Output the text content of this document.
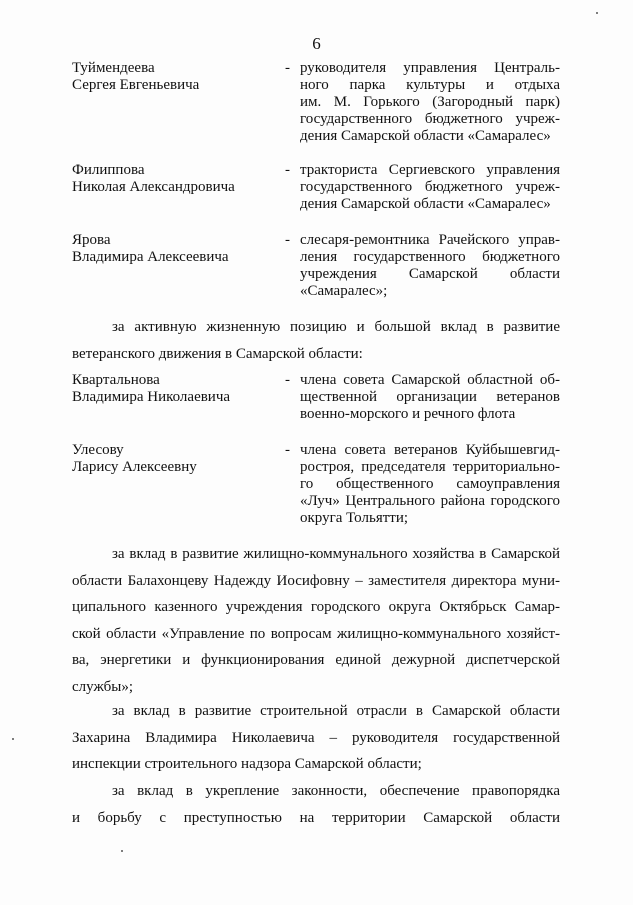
6
Туймендеева
Сергея Евгеньевича
- руководителя управления Централь-
ного парка культуры и отдыха
им. М. Горького (Загородный парк)
государственного бюджетного учреж-
дения Самарской области «Самаралес»
Филиппова
Николая Александровича
- тракториста Сергиевского управления
государственного бюджетного учреж-
дения Самарской области «Самаралес»
Ярова
Владимира Алексеевича
- слесаря-ремонтника Рачейского управ-
ления государственного бюджетного
учреждения Самарской области
«Самаралес»;
за активную жизненную позицию и большой вклад в развитие
ветеранского движения в Самарской области:
Квартальнова
Владимира Николаевича
- члена совета Самарской областной об-
щественной организации ветеранов
военно-морского и речного флота
Улесову
Ларису Алексеевну
- члена совета ветеранов Куйбышевгид-
ростроя, председателя территориально-
го общественного самоуправления
«Луч» Центрального района городского
округа Тольятти;
за вклад в развитие жилищно-коммунального хозяйства в Самарской
области Балахонцеву Надежду Иосифовну – заместителя директора муни-
ципального казенного учреждения городского округа Октябрьск Самар-
ской области «Управление по вопросам жилищно-коммунального хозяйст-
ва, энергетики и функционирования единой дежурной диспетчерской
службы»;
за вклад в развитие строительной отрасли в Самарской области
Захарина Владимира Николаевича – руководителя государственной
инспекции строительного надзора Самарской области;
за вклад в укрепление законности, обеспечение правопорядка
и борьбу с преступностью на территории Самарской области
